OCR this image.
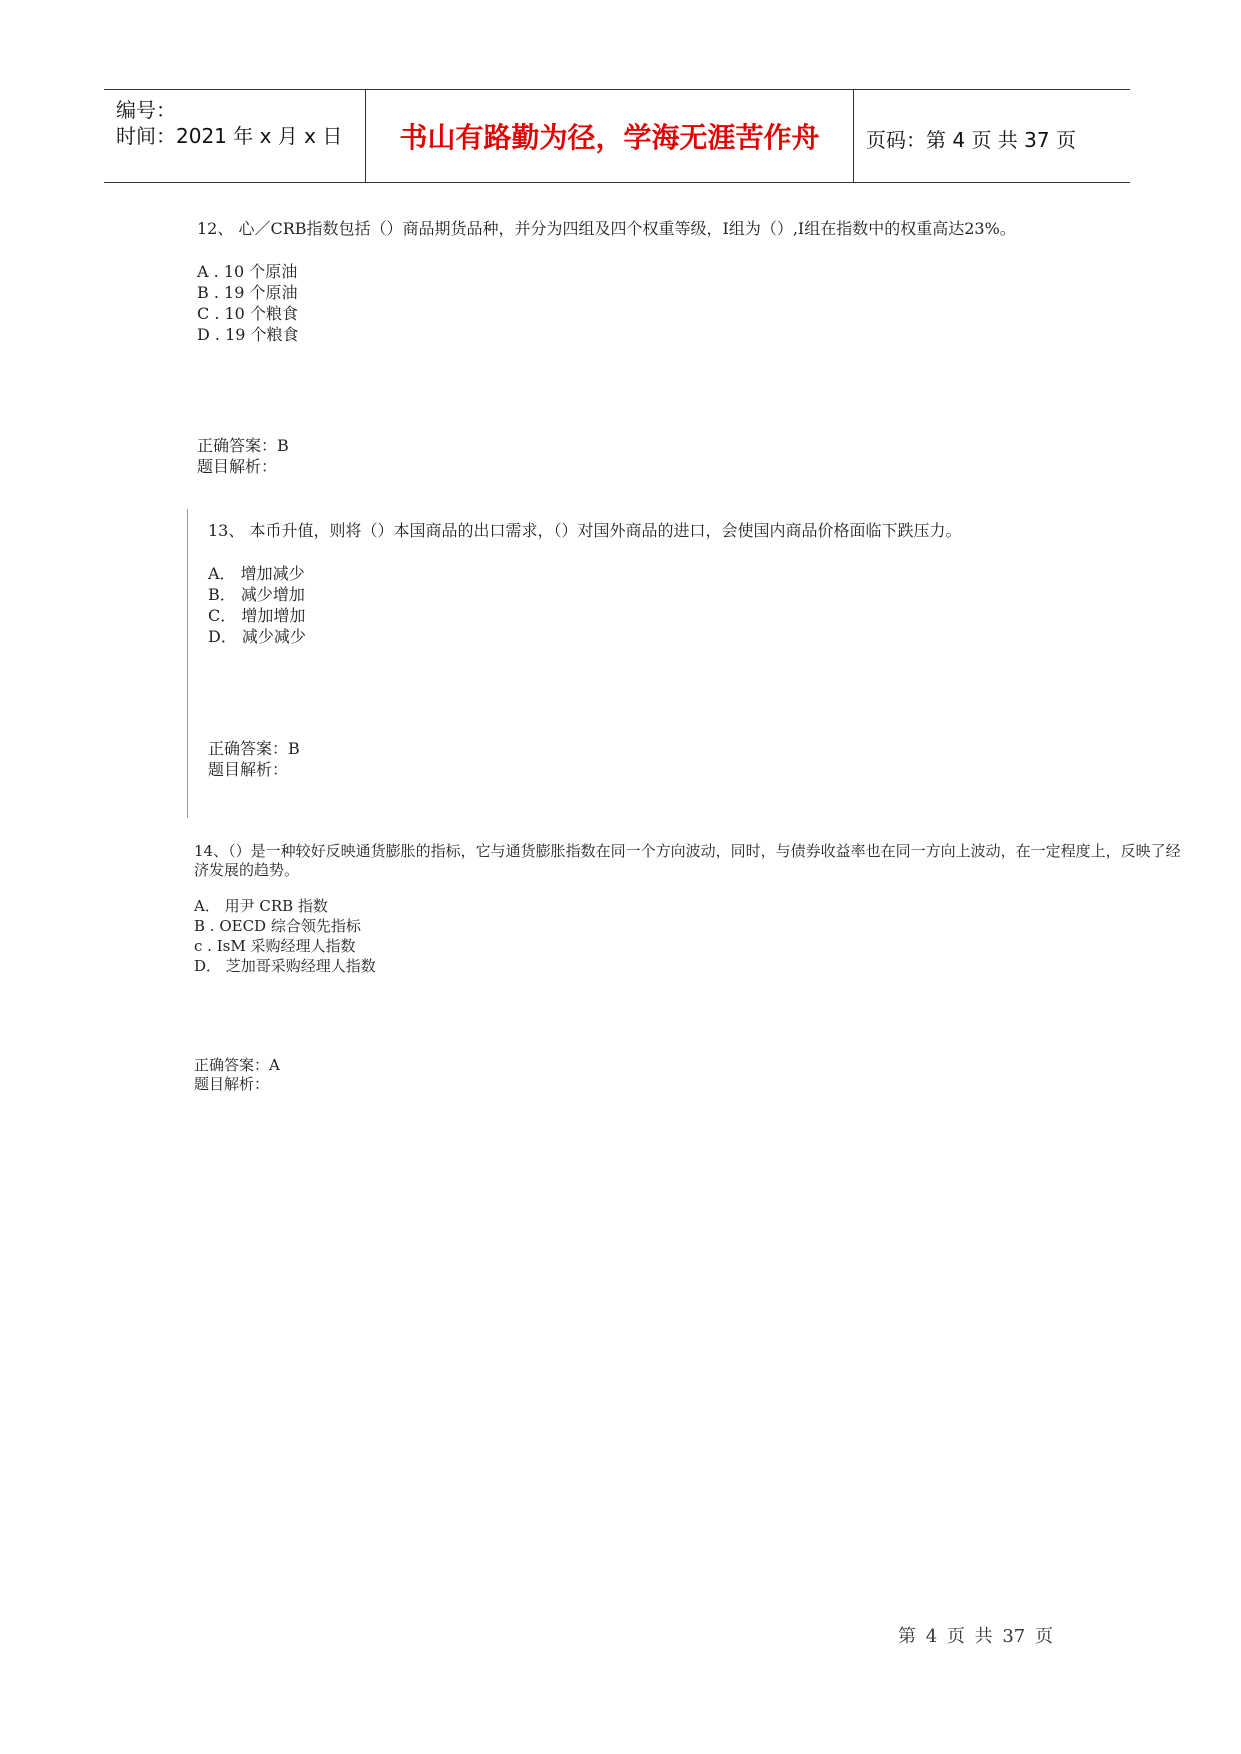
编号：
时间：2021 年 x 月 x 日	书山有路勤为径，学海无涯苦作舟	页码：第 4 页 共 37 页
12、 心／CRB指数包括（）商品期货品种，并分为四组及四个权重等级，I组为（）,I组在指数中的权重高达23%。
A . 10 个原油
B . 19 个原油
C . 10 个粮食
D . 19 个粮食
正确答案：B
题目解析：
13、 本币升值，则将（）本国商品的出口需求，（）对国外商品的进口，会使国内商品价格面临下跌压力。
A． 增加减少
B． 减少增加
C． 增加增加
D． 减少减少
正确答案：B
题目解析：
14、（）是一种较好反映通货膨胀的指标，它与通货膨胀指数在同一个方向波动，同时，与债券收益率也在同一方向上波动，在一定程度上，反映了经济发展的趋势。
A． 用尹 CRB 指数
B . OECD 综合领先指标
c . IsM 采购经理人指数
D． 芝加哥采购经理人指数
正确答案：A
题目解析：
第 4 页 共 37 页
